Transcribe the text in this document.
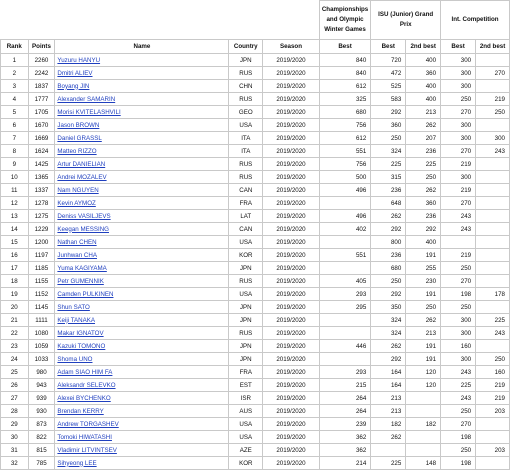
					Championships and Olympic Winter Games	ISU (Junior) Grand Prix		Int. Competition	
Rank	Points	Name	Country	Season	Best	Best	2nd best	Best	2nd best
1	2260	Yuzuru HANYU	JPN	2019/2020	840	720	400	300	
2	2242	Dmitri ALIEV	RUS	2019/2020	840	472	360	300	270
3	1837	Boyang JIN	CHN	2019/2020	612	525	400	300	
4	1777	Alexander SAMARIN	RUS	2019/2020	325	583	400	250	219
5	1705	Morisi KVITELASHVILI	GEO	2019/2020	680	292	213	270	250
6	1670	Jason BROWN	USA	2019/2020	756	360	262	300	
7	1669	Daniel GRASSL	ITA	2019/2020	612	250	207	300	300
8	1624	Matteo RIZZO	ITA	2019/2020	551	324	236	270	243
9	1425	Artur DANIELIAN	RUS	2019/2020	756	225	225	219	
10	1365	Andrei MOZALEV	RUS	2019/2020	500	315	250	300	
11	1337	Nam NGUYEN	CAN	2019/2020	496	236	262	219	
12	1278	Kevin AYMOZ	FRA	2019/2020		648	360	270	
13	1275	Deniss VASILJEVS	LAT	2019/2020	496	262	236	243	
14	1229	Keegan MESSING	CAN	2019/2020	402	292	292	243	
15	1200	Nathan CHEN	USA	2019/2020		800	400		
16	1197	Junhwan CHA	KOR	2019/2020	551	236	191	219	
17	1185	Yuma KAGIYAMA	JPN	2019/2020		680	255	250	
18	1155	Petr GUMENNIK	RUS	2019/2020	405	250	230	270	
19	1152	Camden PULKINEN	USA	2019/2020	293	292	191	198	178
20	1145	Shun SATO	JPN	2019/2020	295	350	250	250	
21	1111	Keiji TANAKA	JPN	2019/2020		324	262	300	225
22	1080	Makar IGNATOV	RUS	2019/2020		324	213	300	243
23	1059	Kazuki TOMONO	JPN	2019/2020	446	262	191	160	
24	1033	Shoma UNO	JPN	2019/2020		292	191	300	250
25	980	Adam SIAO HIM FA	FRA	2019/2020	293	164	120	243	160
26	943	Aleksandr SELEVKO	EST	2019/2020	215	164	120	225	219
27	939	Alexei BYCHENKO	ISR	2019/2020	264	213		243	219
28	930	Brendan KERRY	AUS	2019/2020	264	213		250	203
29	873	Andrew TORGASHEV	USA	2019/2020	239	182	182	270	
30	822	Tomoki HIWATASHI	USA	2019/2020	362	262		198	
31	815	Vladimir LITVINTSEV	AZE	2019/2020	362			250	203
32	785	Sihyeong LEE	KOR	2019/2020	214	225	148	198	
